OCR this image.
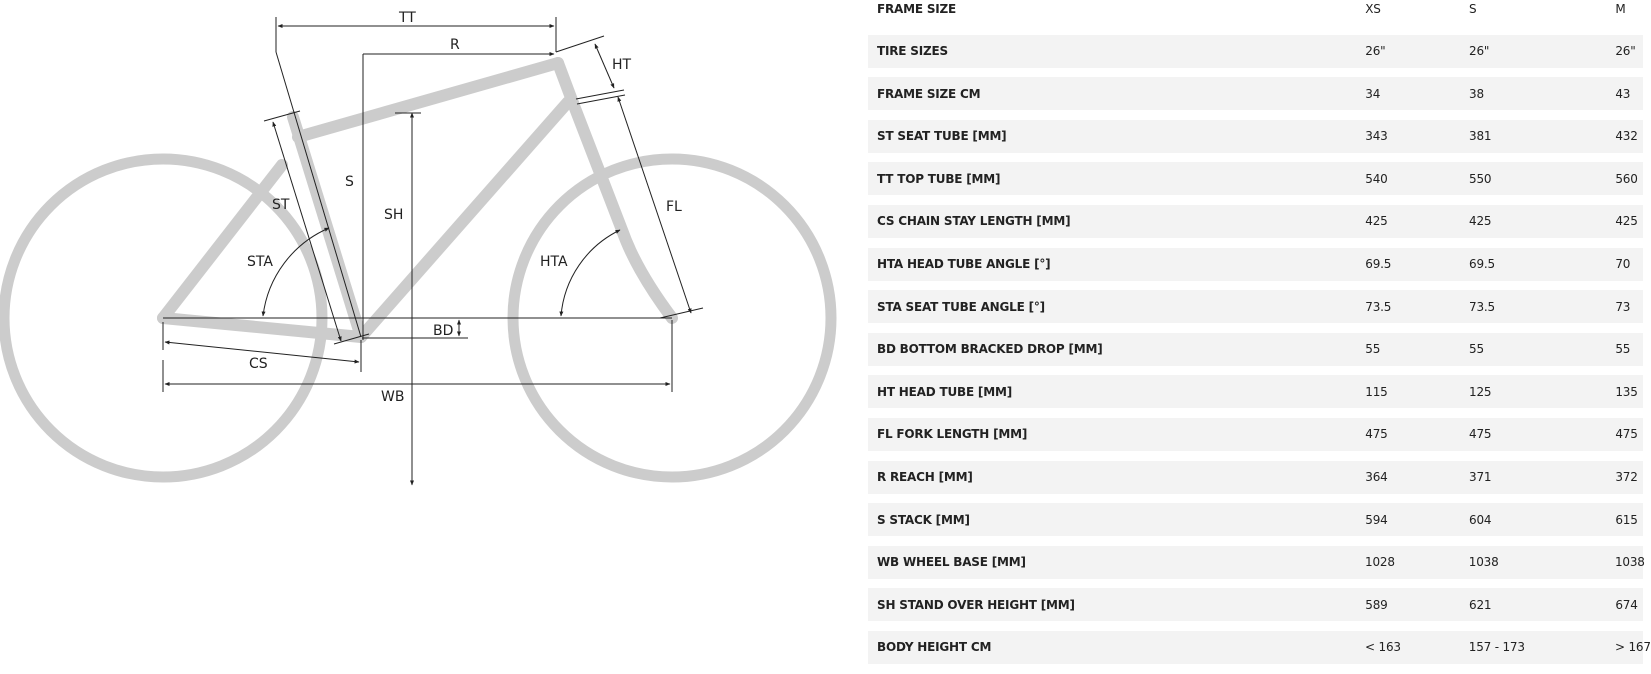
TT
R
HT
S
SH
ST
STA	HTA
FL
BD
CS
WB
FRAME SIZE	XS	S	M
TIRE SIZES	26"	26"	26"
FRAME SIZE CM	34	38	43
ST SEAT TUBE [MM]	343	381	432
TT TOP TUBE [MM]	540	550	560
CS CHAIN STAY LENGTH [MM]	425	425	425
HTA HEAD TUBE ANGLE [°]	69.5	69.5	70
STA SEAT TUBE ANGLE [°]	73.5	73.5	73
BD BOTTOM BRACKED DROP [MM]	55	55	55
HT HEAD TUBE [MM]	115	125	135
FL FORK LENGTH [MM]	475	475	475
R REACH [MM]	364	371	372
S STACK [MM]	594	604	615
WB WHEEL BASE [MM]	1028	1038	1038
SH STAND OVER HEIGHT [MM]	589	621	674
BODY HEIGHT CM	< 163	157 - 173	> 167
